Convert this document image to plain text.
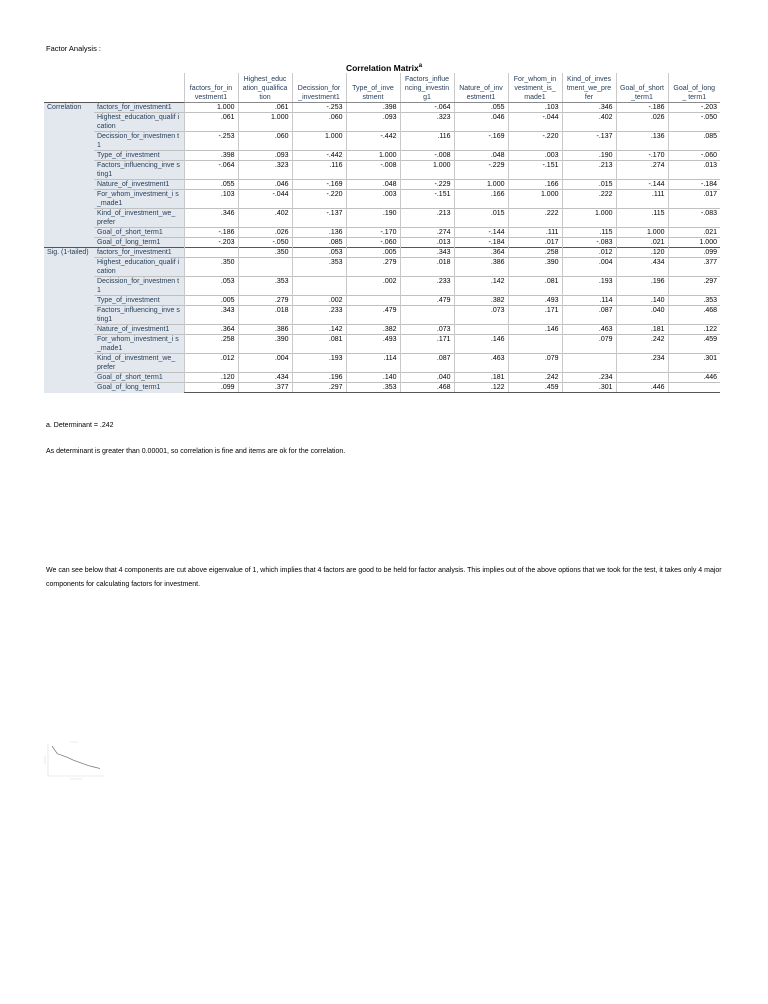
Factor Analysis :
Correlation Matrix$^a$
		factors_for_in vestment1	Highest_educ ation_qualifica tion	Decission_for _investment1	Type_of_inve stment	Factors_influe ncing_investin g1	Nature_of_inv estment1	For_whom_in vestment_is_ made1	Kind_of_inves tment_we_pre fer	Goal_of_short _term1	Goal_of_long_ term1
Correlation	factors_for_investment1	1.000	.061	-.253	.398	-.064	.055	.103	.346	-.186	-.203
	Highest_education_qualif ication	.061	1.000	.060	.093	.323	.046	-.044	.402	.026	-.050
	Decission_for_investmen t1	-.253	.060	1.000	-.442	.116	-.169	-.220	-.137	.136	.085
	Type_of_investment	.398	.093	-.442	1.000	-.008	.048	.003	.190	-.170	-.060
	Factors_influencing_inve sting1	-.064	.323	.116	-.008	1.000	-.229	-.151	.213	.274	.013
	Nature_of_investment1	.055	.046	-.169	.048	-.229	1.000	.166	.015	-.144	-.184
	For_whom_investment_i s_made1	.103	-.044	-.220	.003	-.151	.166	1.000	.222	.111	.017
	Kind_of_investment_we_ prefer	.346	.402	-.137	.190	.213	.015	.222	1.000	.115	-.083
	Goal_of_short_term1	-.186	.026	.136	-.170	.274	-.144	.111	.115	1.000	.021
	Goal_of_long_term1	-.203	-.050	.085	-.060	.013	-.184	.017	-.083	.021	1.000
Sig. (1-tailed)	factors_for_investment1		.350	.053	.005	.343	.364	.258	.012	.120	.099
	Highest_education_qualif ication	.350		.353	.279	.018	.386	.390	.004	.434	.377
	Decission_for_investmen t1	.053	.353		.002	.233	.142	.081	.193	.196	.297
	Type_of_investment	.005	.279	.002		.479	.382	.493	.114	.140	.353
	Factors_influencing_inve sting1	.343	.018	.233	.479		.073	.171	.087	.040	.468
	Nature_of_investment1	.364	.386	.142	.382	.073		.146	.463	.181	.122
	For_whom_investment_i s_made1	.258	.390	.081	.493	.171	.146		.079	.242	.459
	Kind_of_investment_we_ prefer	.012	.004	.193	.114	.087	.463	.079		.234	.301
	Goal_of_short_term1	.120	.434	.196	.140	.040	.181	.242	.234		.446
	Goal_of_long_term1	.099	.377	.297	.353	.468	.122	.459	.301	.446	
a. Determinant = .242
As determinant is greater than 0.00001, so correlation is fine and items are ok for the correlation.
We can see below that 4 components are cut above eigenvalue of 1, which implies that 4 factors are good to be held for factor analysis. This implies out of the above options that we took for the test, it takes only 4 major components for calculating factors for investment.
